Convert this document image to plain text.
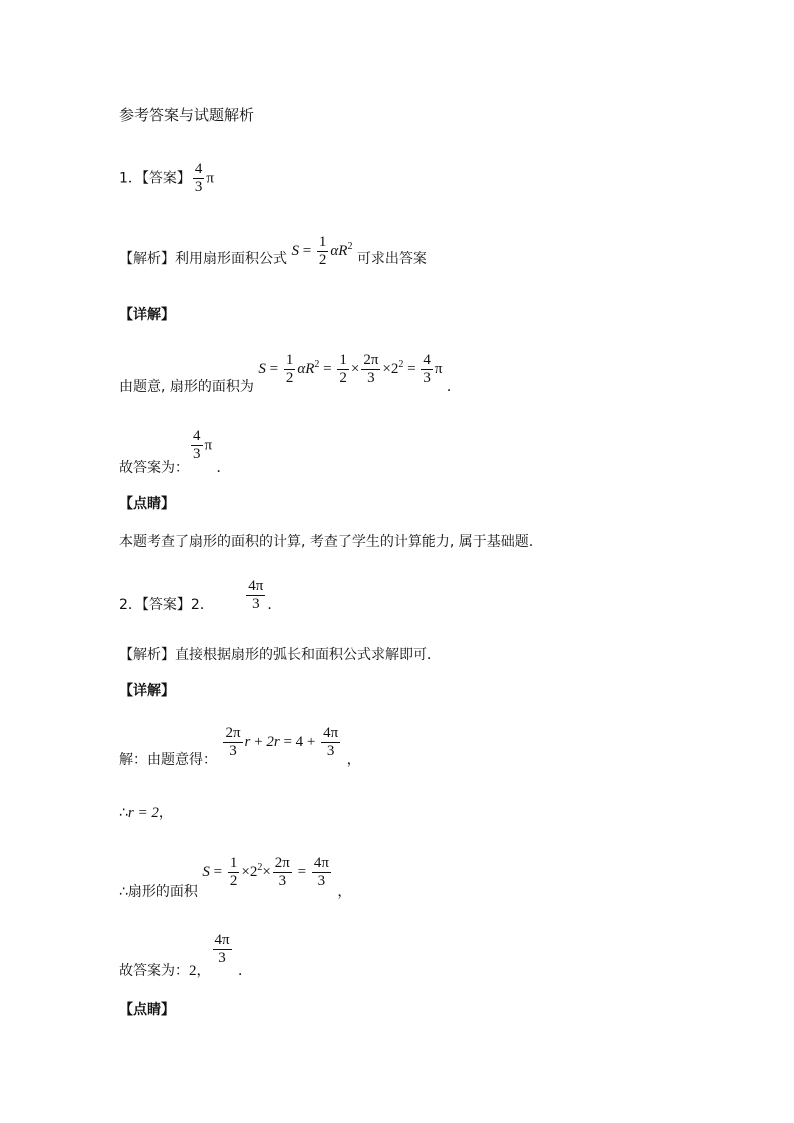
参考答案与试题解析
1．【答案】 $\frac{4}{3}$ π
【解析】利用扇形面积公式 $S = \frac{1}{2} \alpha R^2$ 可求出答案
【详解】
由题意, 扇形的面积为 $S = \frac{1}{2} \alpha R^2 = \frac{1}{2} \times \frac{2\pi}{3} \times 2^2 = \frac{4}{3}$ π ．
故答案为：
$\frac{4}{3}$ π ．
【点睛】
本题考查了扇形的面积的计算, 考查了学生的计算能力, 属于基础题.
2．【答案】2． $\frac{4\pi}{3}$ ．
【解析】直接根据扇形的弧长和面积公式求解即可．
【详解】
解：由题意得： $\frac{2\pi}{3}$ $r + 2r = 4 + \frac{4\pi}{3}$ ，
∴r = 2，
∴扇形的面积 $S = \frac{1}{2} \times 2^2\times \frac{2\pi}{3} = \frac{4\pi}{3}$
，
故答案为：2，
$\frac{4\pi}{3}$
．
【点睛】
